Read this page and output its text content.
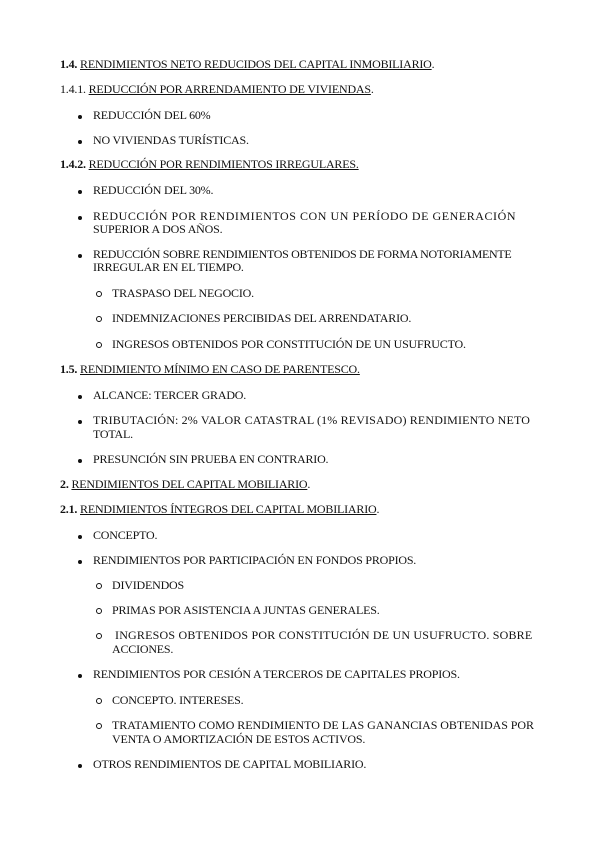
1.4. RENDIMIENTOS NETO REDUCIDOS DEL CAPITAL INMOBILIARIO.
1.4.1. REDUCCIÓN POR ARRENDAMIENTO DE VIVIENDAS.
REDUCCIÓN DEL 60%
NO VIVIENDAS TURÍSTICAS.
1.4.2. REDUCCIÓN POR RENDIMIENTOS IRREGULARES.
REDUCCIÓN DEL 30%.
REDUCCIÓN POR RENDIMIENTOS CON UN PERÍODO DE GENERACIÓN
SUPERIOR A DOS AÑOS.
REDUCCIÓN SOBRE RENDIMIENTOS OBTENIDOS DE FORMA NOTORIAMENTE
IRREGULAR EN EL TIEMPO.
TRASPASO DEL NEGOCIO.
INDEMNIZACIONES PERCIBIDAS DEL ARRENDATARIO.
INGRESOS OBTENIDOS POR CONSTITUCIÓN DE UN USUFRUCTO.
1.5. RENDIMIENTO MÍNIMO EN CASO DE PARENTESCO.
ALCANCE: TERCER GRADO.
TRIBUTACIÓN: 2% VALOR CATASTRAL (1% REVISADO) RENDIMIENTO NETO
TOTAL.
PRESUNCIÓN SIN PRUEBA EN CONTRARIO.
2. RENDIMIENTOS DEL CAPITAL MOBILIARIO.
2.1. RENDIMIENTOS ÍNTEGROS DEL CAPITAL MOBILIARIO.
CONCEPTO.
RENDIMIENTOS POR PARTICIPACIÓN EN FONDOS PROPIOS.
DIVIDENDOS
PRIMAS POR ASISTENCIA A JUNTAS GENERALES.
INGRESOS OBTENIDOS POR CONSTITUCIÓN DE UN USUFRUCTO. SOBRE
ACCIONES.
RENDIMIENTOS POR CESIÓN A TERCEROS DE CAPITALES PROPIOS.
CONCEPTO. INTERESES.
TRATAMIENTO COMO RENDIMIENTO DE LAS GANANCIAS OBTENIDAS POR
VENTA O AMORTIZACIÓN DE ESTOS ACTIVOS.
OTROS RENDIMIENTOS DE CAPITAL MOBILIARIO.
